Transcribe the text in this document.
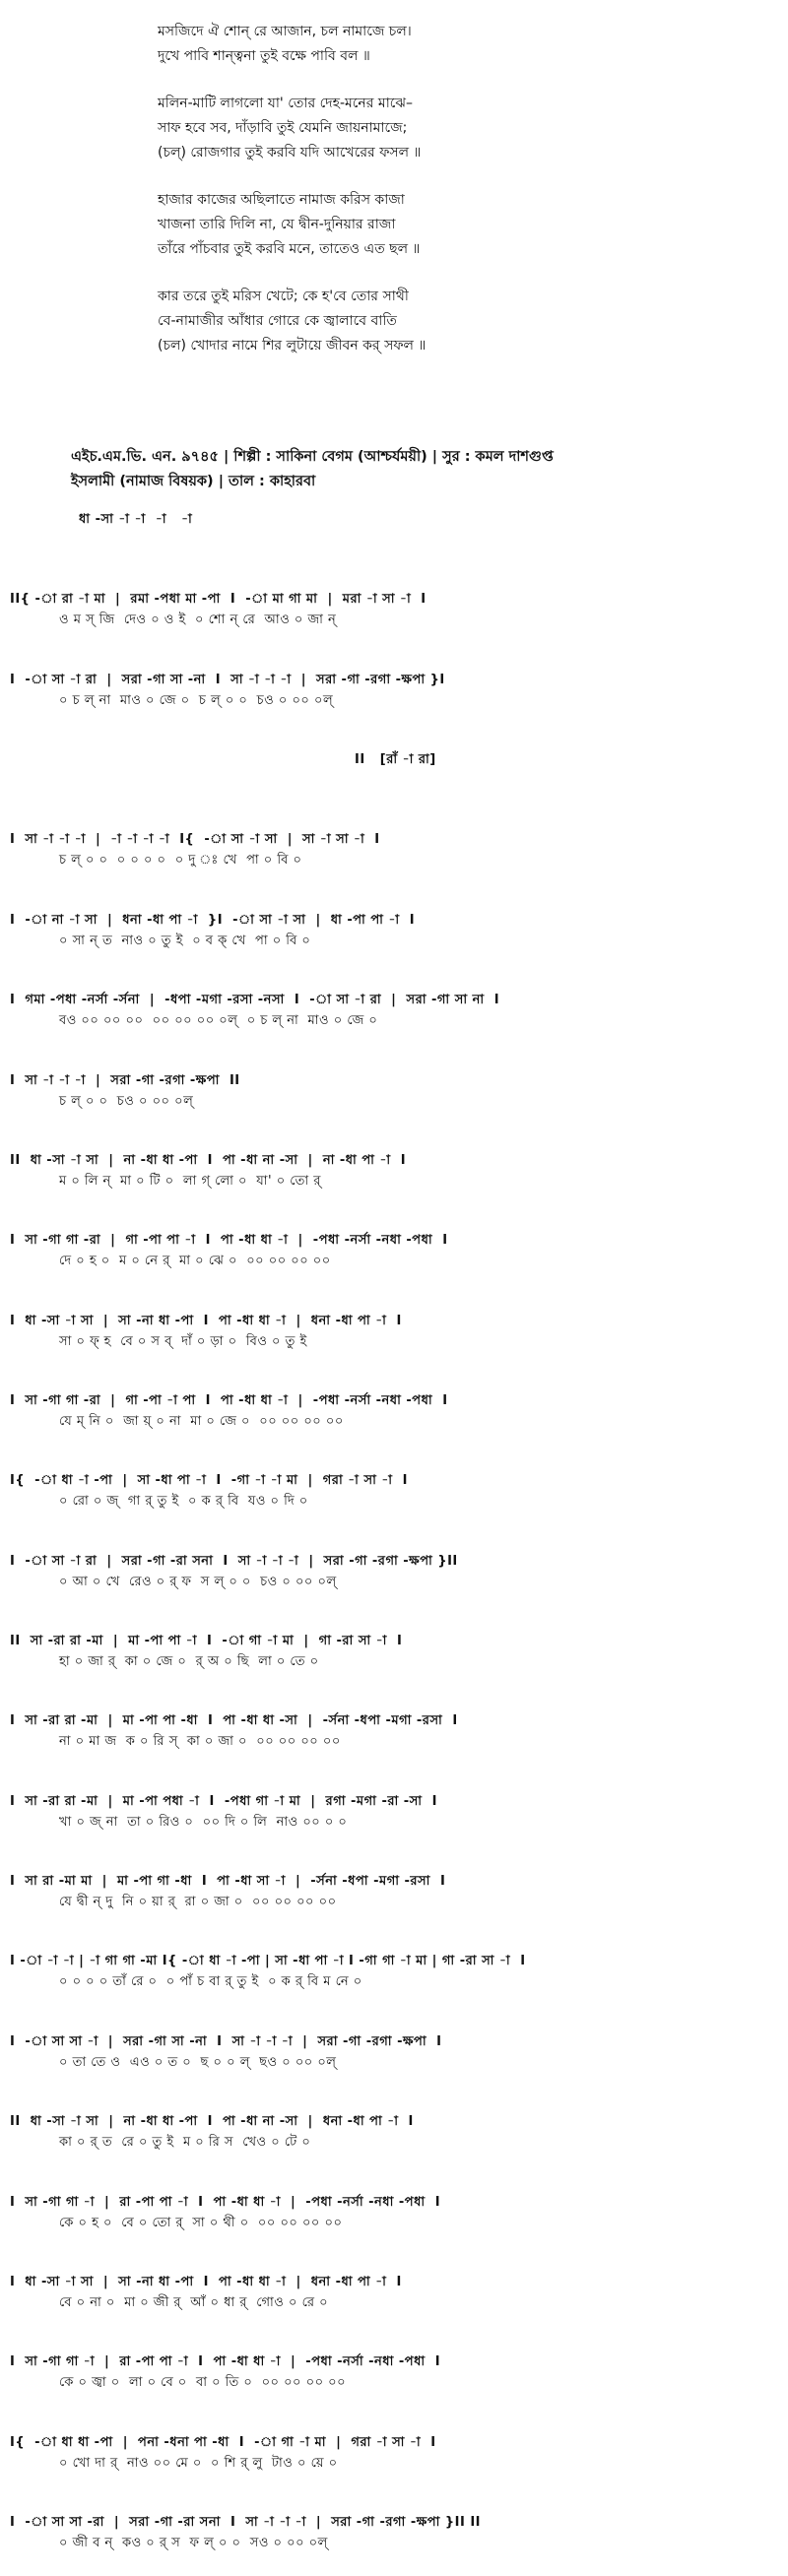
মসজিদে ঐ শোন্‌ রে আজান, চল নামাজে চল।
দুখে পাবি শান্ত্বনা তুই বক্ষে পাবি বল ॥
মলিন-মাটি লাগলো যা' তোর দেহ-মনের মাঝে–
সাফ হবে সব, দাঁড়াবি তুই যেমনি জায়নামাজে;
(চল্‌) রোজগার তুই করবি যদি আখেরের ফসল ॥
হাজার কাজের অছিলাতে নামাজ করিস কাজা
খাজনা তারি দিলি না, যে দ্বীন-দুনিয়ার রাজা
তাঁরে পাঁচবার তুই করবি মনে, তাতেও এত ছল ॥
কার তরে তুই মরিস খেটে; কে হ'বে তোর সাথী
বে-নামাজীর আঁধার গোরে কে জ্বালাবে বাতি
(চল) খোদার নামে শির লুটায়ে জীবন কর্‌ সফল ॥
এইচ.এম.ভি. এন. ৯৭৪৫ | শিল্পী : সাকিনা বেগম (আশ্চর্যময়ী) | সুর : কমল দাশগুপ্ত
ইসলামী (নামাজ বিষয়ক) | তাল : কাহারবা
ধা -সা -া -া  -া   -া
II{ -া রা -া মা  |  রমা -পধা মা -পা  I  -া মা গা মা  |  মরা -া সা -া  I
ও ম স্‌ জি  দেও ০ ও ই  ০ শো ন্‌ রে  আও ০ জা ন্‌
I  -া সা -া রা  |  সরা -গা সা -না  I  সা -া -া -া  |  সরা -গা -রগা -ক্ষপা }I
০ চ ল্‌ না  মাও ০ জে ০  চ ল্‌ ০ ০  চও ০ ০০ ০ল্‌
II   [রাঁ -া রা]
I  সা -া -া -া  |  -া -া -া -া  I{  -া সা -া সা  |  সা -া সা -া  I
চ ল্‌ ০ ০  ০ ০ ০ ০  ০ দু ঃ খে  পা ০ বি ০
I  -া না -া সা  |  ধনা -ধা পা -া  }I  -া সা -া সা  |  ধা -পা পা -া  I
০ সা ন্‌ ত  নাও ০ তু ই  ০ ব ক্‌ খে  পা ০ বি ০
I  গমা -পধা -নর্সা -র্সনা  |  -ধপা -মগা -রসা -নসা  I  -া সা -া রা  |  সরা -গা সা না  I
বও ০০ ০০ ০০  ০০ ০০ ০০ ০ল্‌  ০ চ ল্‌ না  মাও ০ জে ০
I  সা -া -া -া  |  সরা -গা -রগা -ক্ষপা  II
চ ল্‌ ০ ০  চও ০ ০০ ০ল্‌
II  ধা -সা -া সা  |  না -ধা ধা -পা  I  পা -ধা না -সা  |  না -ধা পা -া  I
ম ০ লি ন্‌  মা ০ টি ০  লা গ্‌ লো ০  যা' ০ তো র্‌
I  সা -গা গা -রা  |  গা -পা পা -া  I  পা -ধা ধা -া  |  -পধা -নর্সা -নধা -পধা  I
দে ০ হ ০  ম ০ নে র্‌  মা ০ ঝে ০  ০০ ০০ ০০ ০০
I  ধা -সা -া সা  |  সা -না ধা -পা  I  পা -ধা ধা -া  |  ধনা -ধা পা -া  I
সা ০ ফ্‌ হ  বে ০ স ব্‌  দাঁ ০ ড়া ০  বিও ০ তু ই
I  সা -গা গা -রা  |  গা -পা -া পা  I  পা -ধা ধা -া  |  -পধা -নর্সা -নধা -পধা  I
যে ম্‌ নি ০  জা য়্‌ ০ না  মা ০ জে ০  ০০ ০০ ০০ ০০
I{  -া ধা -া -পা  |  সা -ধা পা -া  I  -গা -া -া মা  |  গরা -া সা -া  I
০ রো ০ জ্‌  গা র্‌ তু ই  ০ ক র্‌ বি  যও ০ দি ০
I  -া সা -া রা  |  সরা -গা -রা সনা  I  সা -া -া -া  |  সরা -গা -রগা -ক্ষপা }II
০ আ ০ খে  রেও ০ র্‌ ফ  স ল্‌ ০ ০  চও ০ ০০ ০ল্‌
II  সা -রা রা -মা  |  মা -পা পা -া  I  -া গা -া মা  |  গা -রা সা -া  I
হা ০ জা র্‌  কা ০ জে ০  র্‌ অ ০ ছি  লা ০ তে ০
I  সা -রা রা -মা  |  মা -পা পা -ধা  I  পা -ধা ধা -সা  |  -র্সনা -ধপা -মগা -রসা  I
না ০ মা জ  ক ০ রি স্‌  কা ০ জা ০  ০০ ০০ ০০ ০০
I  সা -রা রা -মা  |  মা -পা পধা -া  I  -পধা গা -া মা  |  রগা -মগা -রা -সা  I
খা ০ জ্‌ না  তা ০ রিও ০  ০০ দি ০ লি  নাও ০০ ০ ০
I  সা রা -মা মা  |  মা -পা গা -ধা  I  পা -ধা সা -া  |  -র্সনা -ধপা -মগা -রসা  I
যে দ্বী ন্‌ দু  নি ০ য়া র্‌  রা ০ জা ০  ০০ ০০ ০০ ০০
I -া -া -া | -া গা গা -মা I{ -া ধা -া -পা | সা -ধা পা -া I -গা গা -া মা | গা -রা সা -া  I
০ ০ ০ ০ তাঁ রে ০  ০ পাঁ চ বা র্‌ তু ই  ০ ক র্‌ বি ম নে ০
I  -া সা সা -া  |  সরা -গা সা -না  I  সা -া -া -া  |  সরা -গা -রগা -ক্ষপা  I
০ তা তে ও  এও ০ ত ০  ছ ০ ০ ল্‌  ছও ০ ০০ ০ল্‌
II  ধা -সা -া সা  |  না -ধা ধা -পা  I  পা -ধা না -সা  |  ধনা -ধা পা -া  I
কা ০ র্‌ ত  রে ০ তু ই  ম ০ রি স  খেও ০ টে ০
I  সা -গা গা -া  |  রা -পা পা -া  I  পা -ধা ধা -া  |  -পধা -নর্সা -নধা -পধা  I
কে ০ হ ০  বে ০ তো র্‌  সা ০ থী ০  ০০ ০০ ০০ ০০
I  ধা -সা -া সা  |  সা -না ধা -পা  I  পা -ধা ধা -া  |  ধনা -ধা পা -া  I
বে ০ না ০  মা ০ জী র্‌  আঁ ০ ধা র্‌  গোও ০ রে ০
I  সা -গা গা -া  |  রা -পা পা -া  I  পা -ধা ধা -া  |  -পধা -নর্সা -নধা -পধা  I
কে ০ জ্বা ০  লা ০ বে ০  বা ০ তি ০  ০০ ০০ ০০ ০০
I{  -া ধা ধা -পা  |  পনা -ধনা পা -ধা  I  -া গা -া মা  |  গরা -া সা -া  I
০ খো দা র্‌  নাও ০০ মে ০  ০ শি র্‌ লু  টাও ০ য়ে ০
I  -া সা সা -রা  |  সরা -গা -রা সনা  I  সা -া -া -া  |  সরা -গা -রগা -ক্ষপা }II II
০ জী ব ন্‌  কও ০ র্‌ স  ফ ল্‌ ০ ০  সও ০ ০০ ০ল্‌
